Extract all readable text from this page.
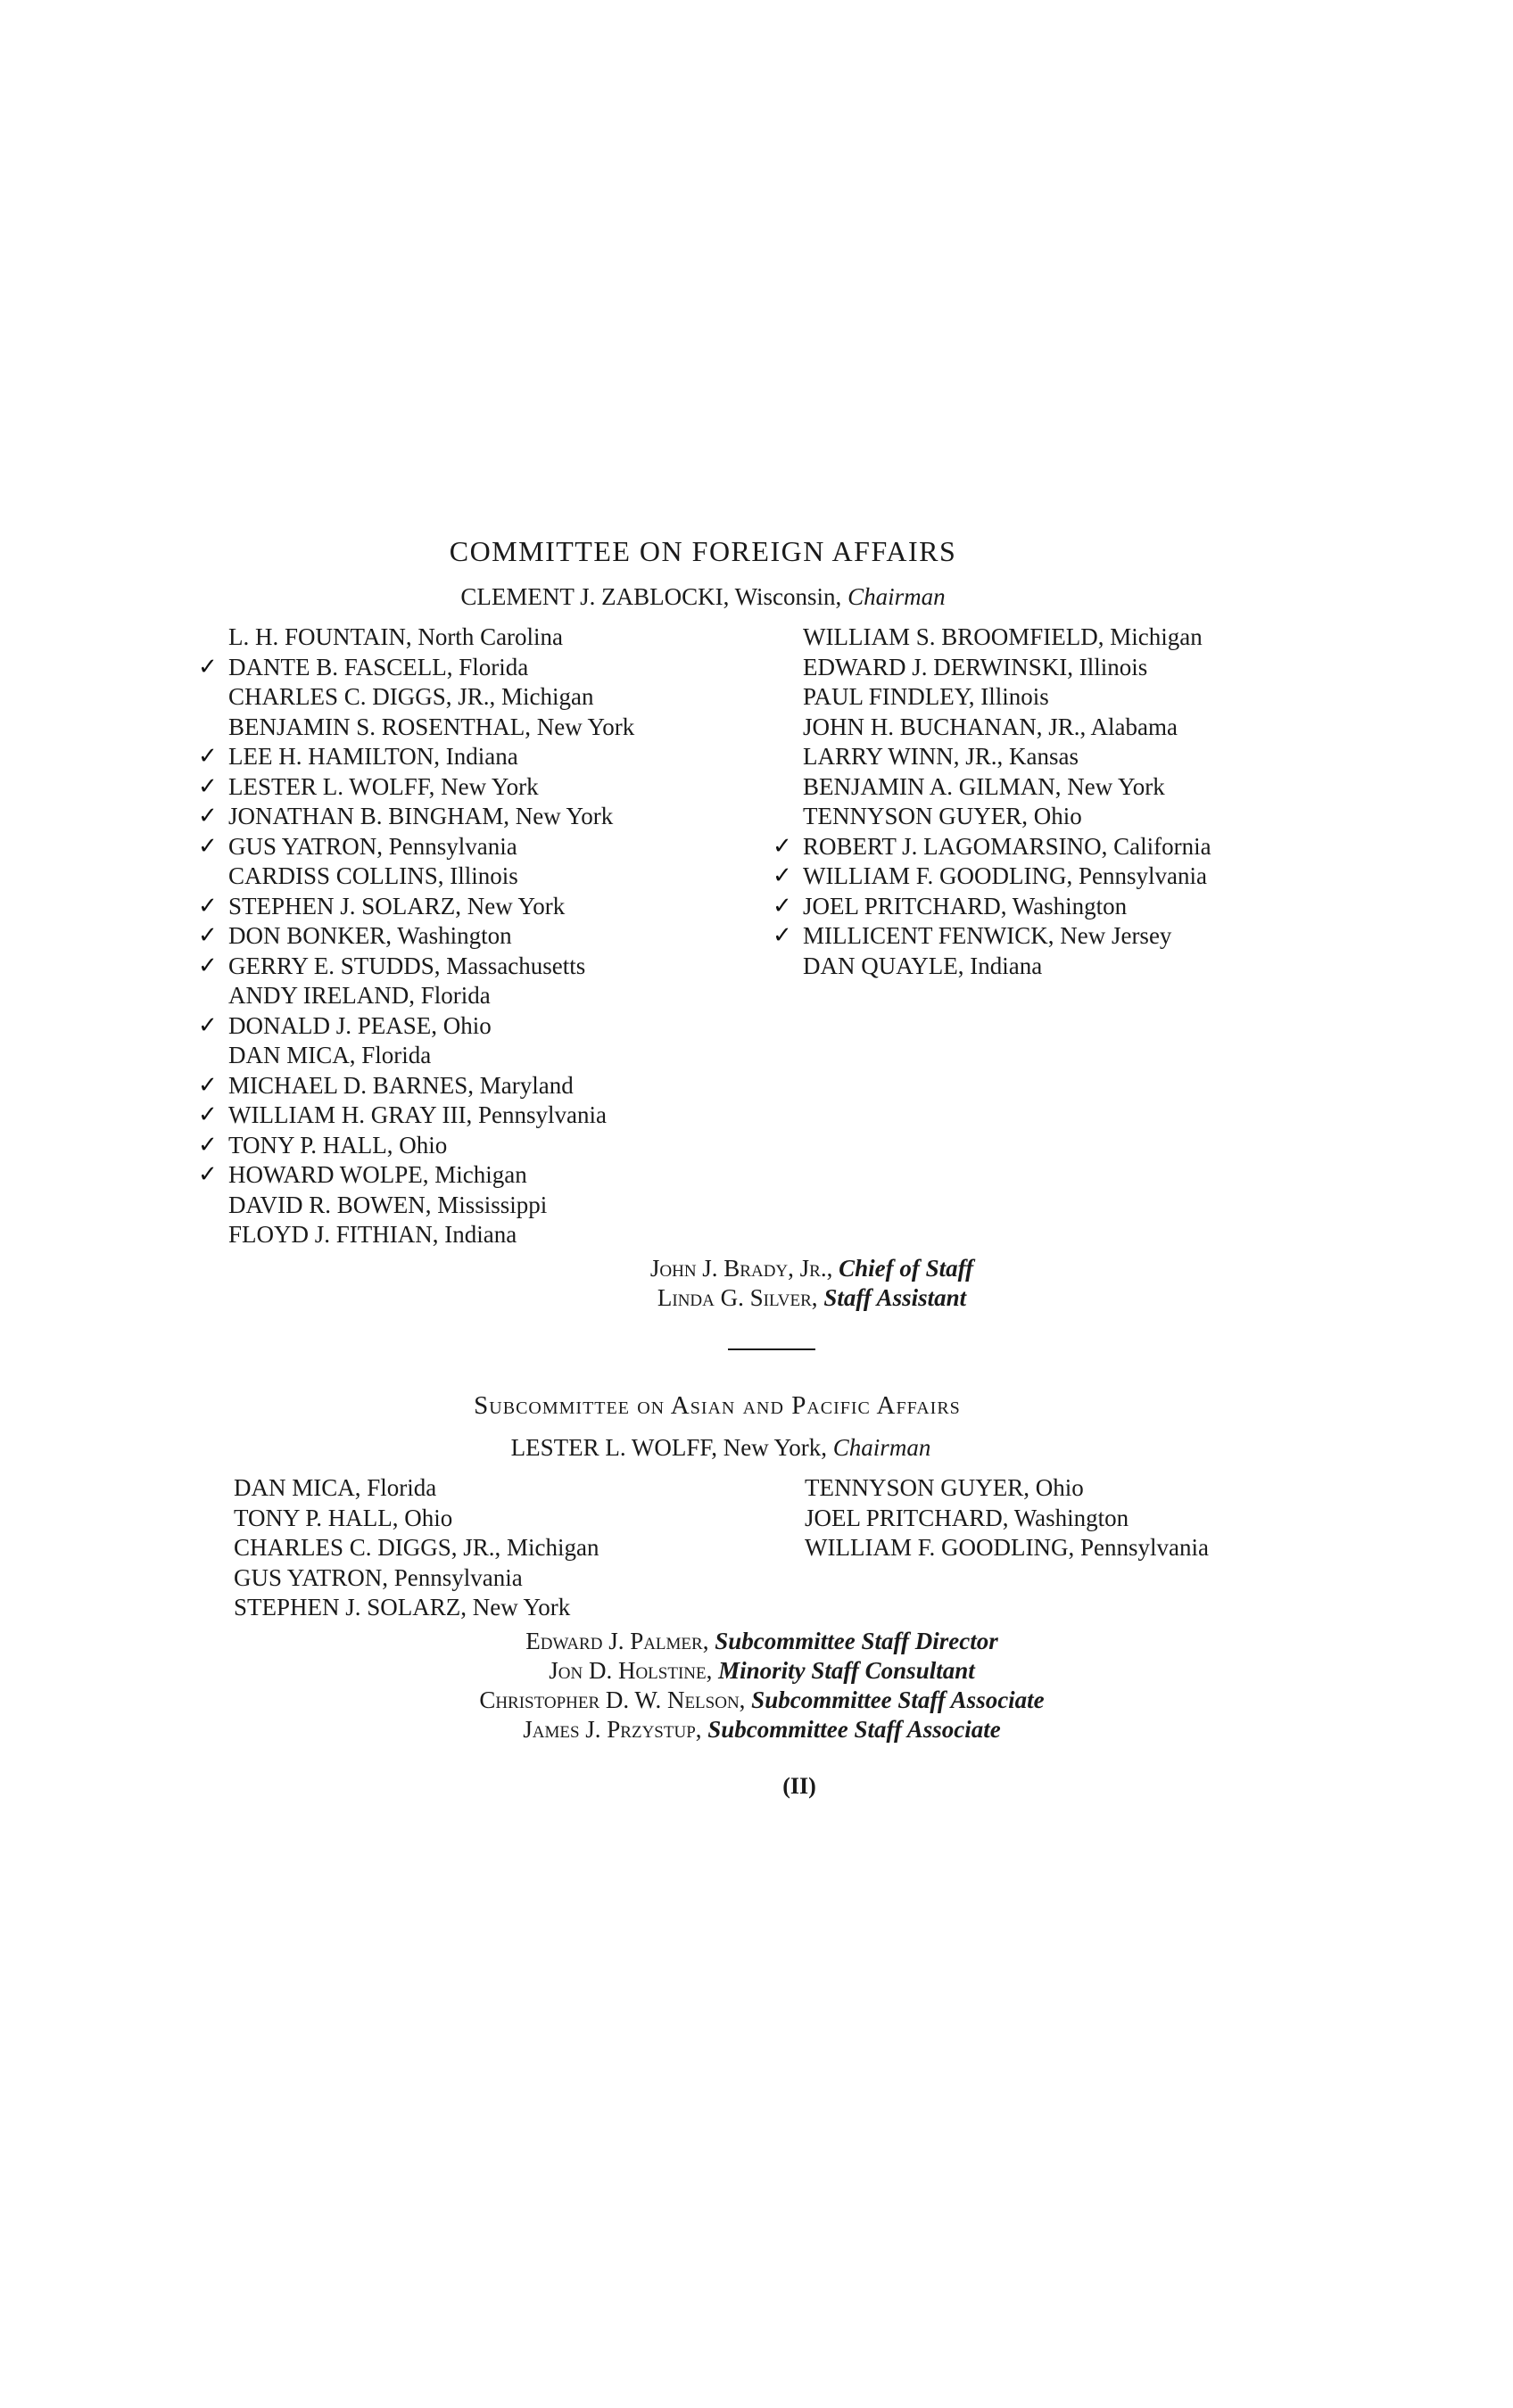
COMMITTEE ON FOREIGN AFFAIRS
CLEMENT J. ZABLOCKI, Wisconsin, Chairman
L. H. FOUNTAIN, North Carolina
✓ DANTE B. FASCELL, Florida
CHARLES C. DIGGS, JR., Michigan
BENJAMIN S. ROSENTHAL, New York
✓ LEE H. HAMILTON, Indiana
✓ LESTER L. WOLFF, New York
✓ JONATHAN B. BINGHAM, New York
✓ GUS YATRON, Pennsylvania
CARDISS COLLINS, Illinois
✓ STEPHEN J. SOLARZ, New York
✓ DON BONKER, Washington
✓ GERRY E. STUDDS, Massachusetts
ANDY IRELAND, Florida
✓ DONALD J. PEASE, Ohio
DAN MICA, Florida
✓ MICHAEL D. BARNES, Maryland
✓ WILLIAM H. GRAY III, Pennsylvania
✓ TONY P. HALL, Ohio
✓ HOWARD WOLPE, Michigan
DAVID R. BOWEN, Mississippi
FLOYD J. FITHIAN, Indiana
WILLIAM S. BROOMFIELD, Michigan
EDWARD J. DERWINSKI, Illinois
PAUL FINDLEY, Illinois
JOHN H. BUCHANAN, JR., Alabama
LARRY WINN, JR., Kansas
BENJAMIN A. GILMAN, New York
TENNYSON GUYER, Ohio
✓ ROBERT J. LAGOMARSINO, California
✓ WILLIAM F. GOODLING, Pennsylvania
✓ JOEL PRITCHARD, Washington
✓ MILLICENT FENWICK, New Jersey
DAN QUAYLE, Indiana
John J. Brady, Jr., Chief of Staff
Linda G. Silver, Staff Assistant
Subcommittee on Asian and Pacific Affairs
LESTER L. WOLFF, New York, Chairman
DAN MICA, Florida
TONY P. HALL, Ohio
CHARLES C. DIGGS, JR., Michigan
GUS YATRON, Pennsylvania
STEPHEN J. SOLARZ, New York
TENNYSON GUYER, Ohio
JOEL PRITCHARD, Washington
WILLIAM F. GOODLING, Pennsylvania
Edward J. Palmer, Subcommittee Staff Director
Jon D. Holstine, Minority Staff Consultant
Christopher D. W. Nelson, Subcommittee Staff Associate
James J. Przystup, Subcommittee Staff Associate
(II)
